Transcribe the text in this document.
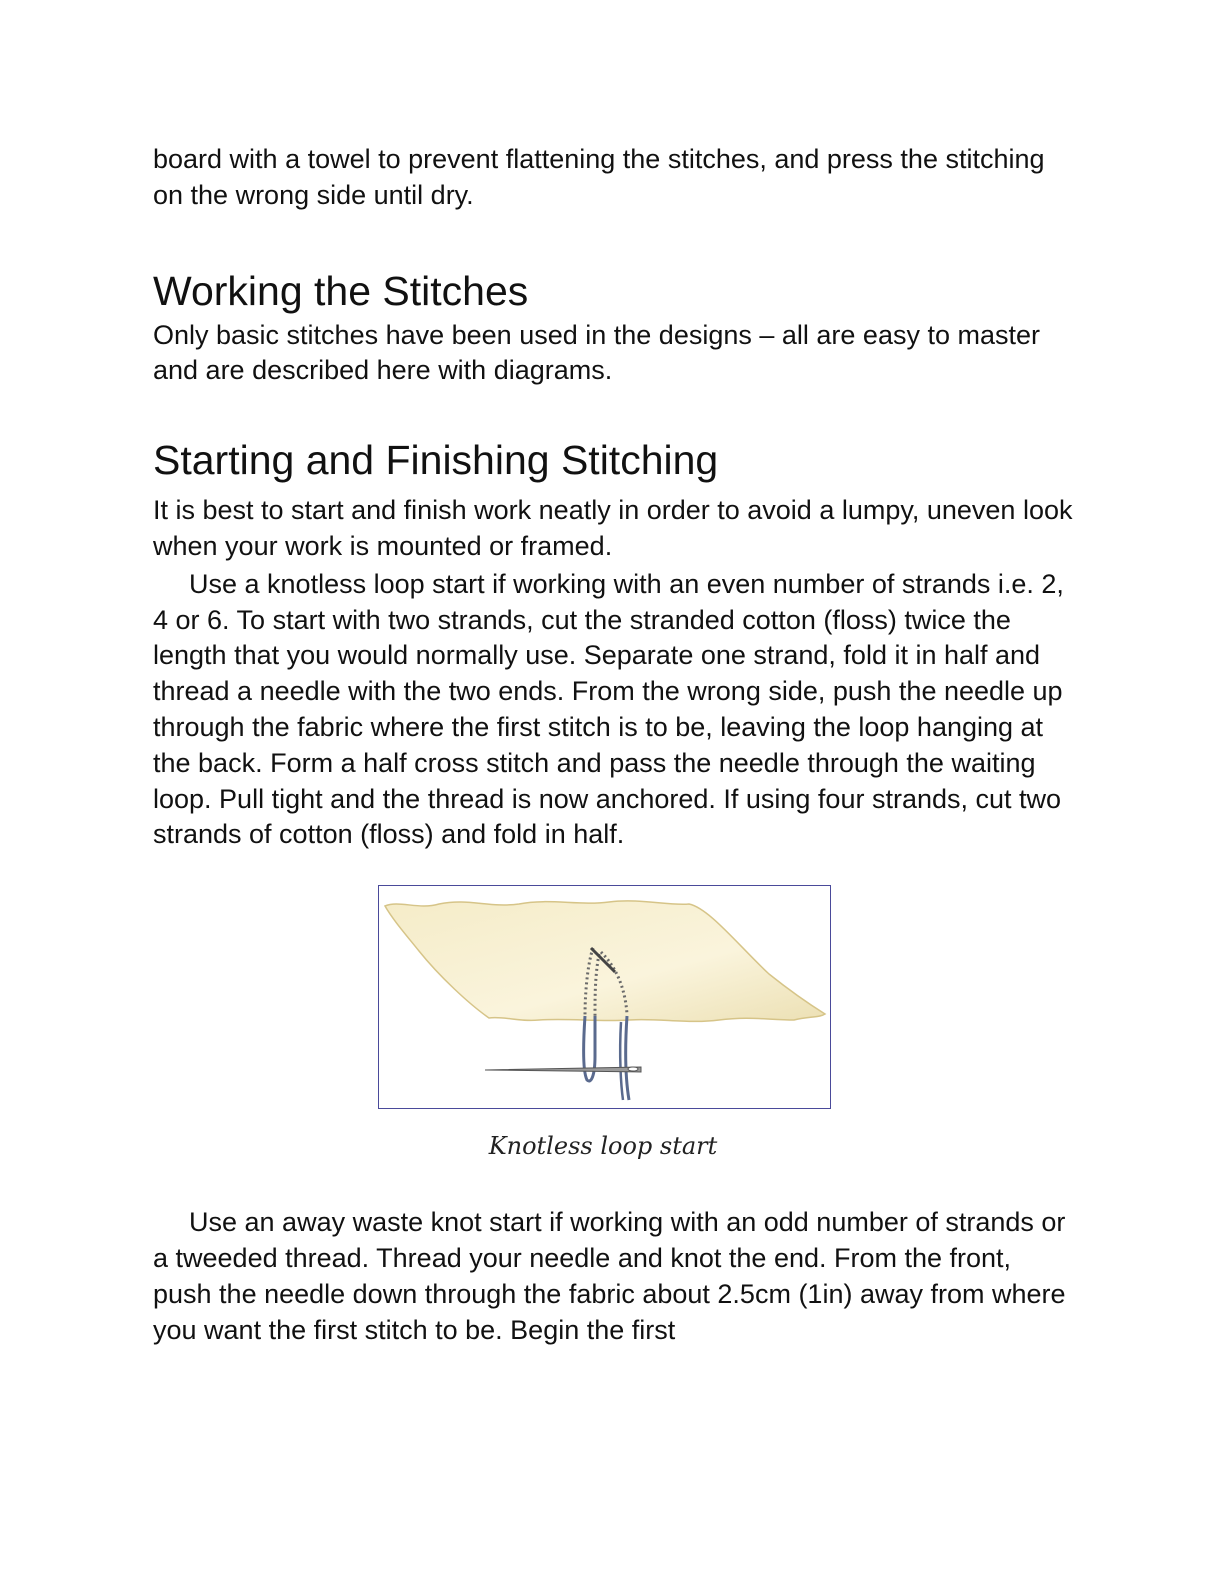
board with a towel to prevent flattening the stitches, and press the stitching on the wrong side until dry.

Working the Stitches

Only basic stitches have been used in the designs – all are easy to master and are described here with diagrams.

Starting and Finishing Stitching

It is best to start and finish work neatly in order to avoid a lumpy, uneven look when your work is mounted or framed.

Use a knotless loop start if working with an even number of strands i.e. 2, 4 or 6. To start with two strands, cut the stranded cotton (floss) twice the length that you would normally use. Separate one strand, fold it in half and thread a needle with the two ends. From the wrong side, push the needle up through the fabric where the first stitch is to be, leaving the loop hanging at the back. Form a half cross stitch and pass the needle through the waiting loop. Pull tight and the thread is now anchored. If using four strands, cut two strands of cotton (floss) and fold in half.

Knotless loop start

Use an away waste knot start if working with an odd number of strands or a tweeded thread. Thread your needle and knot the end. From the front, push the needle down through the fabric about 2.5cm (1in) away from where you want the first stitch to be. Begin the first
